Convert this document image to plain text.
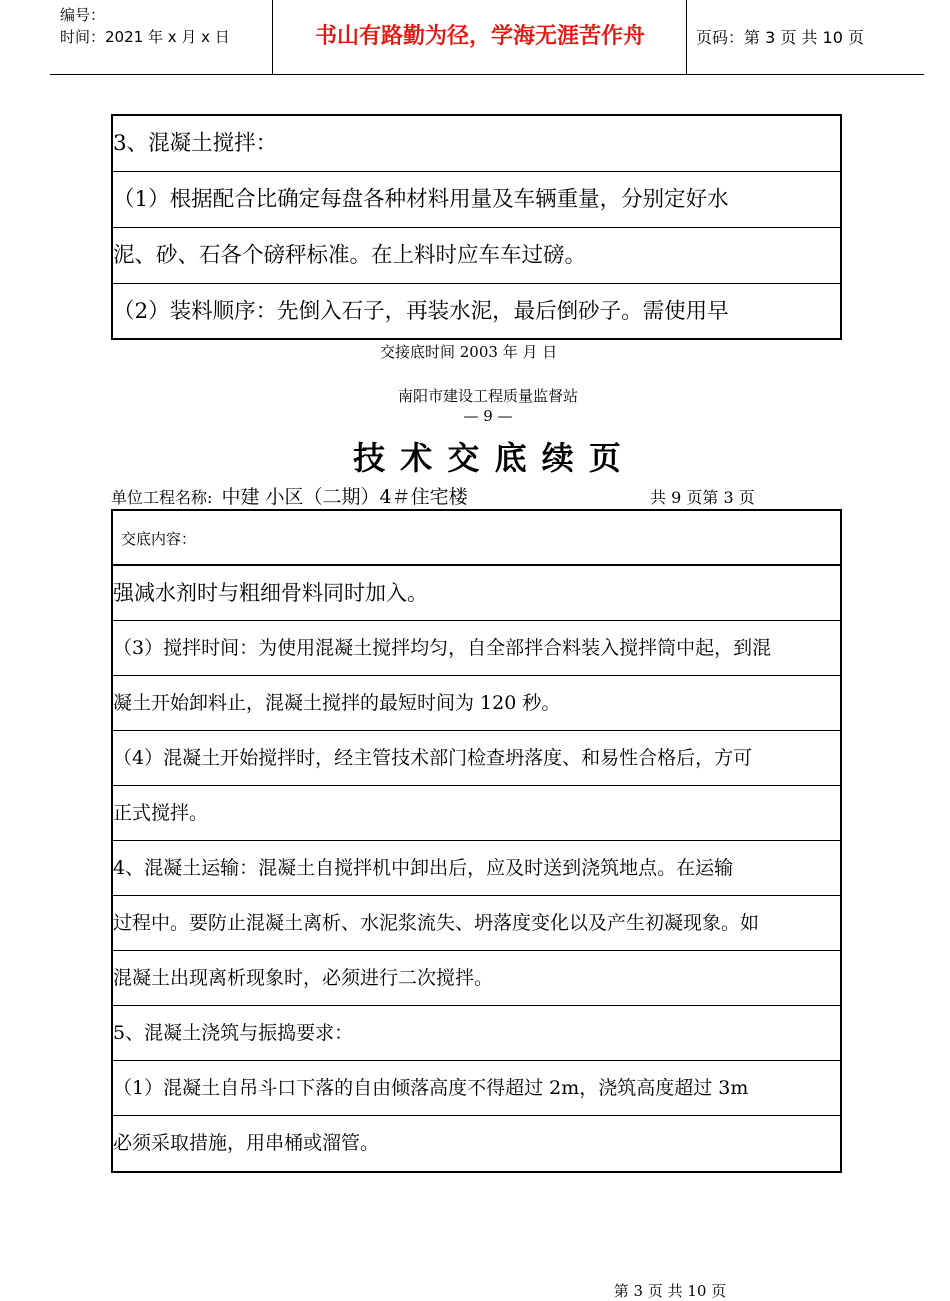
编号：
时间：2021 年 x 月 x 日	书山有路勤为径，学海无涯苦作舟	页码：第 3 页 共 10 页
3、混凝土搅拌：
（1）根据配合比确定每盘各种材料用量及车辆重量，分别定好水
泥、砂、石各个磅秤标准。在上料时应车车过磅。
（2）装料顺序：先倒入石子，再装水泥，最后倒砂子。需使用早
交接底时间 2003 年 月 日
南阳市建设工程质量监督站
— 9 —
技 术 交 底 续 页
单位工程名称: 中建 小区（二期）4＃住宅楼	共 9 页第 3 页
交底内容：
强减水剂时与粗细骨料同时加入。
（3）搅拌时间：为使用混凝土搅拌均匀，自全部拌合料装入搅拌筒中起，到混
凝土开始卸料止，混凝土搅拌的最短时间为 120 秒。
（4）混凝土开始搅拌时，经主管技术部门检查坍落度、和易性合格后，方可
正式搅拌。
4、混凝土运输：混凝土自搅拌机中卸出后，应及时送到浇筑地点。在运输
过程中。要防止混凝土离析、水泥浆流失、坍落度变化以及产生初凝现象。如
混凝土出现离析现象时，必须进行二次搅拌。
5、混凝土浇筑与振捣要求：
（1）混凝土自吊斗口下落的自由倾落高度不得超过 2m，浇筑高度超过 3m
必须采取措施，用串桶或溜管。
第 3 页 共 10 页
